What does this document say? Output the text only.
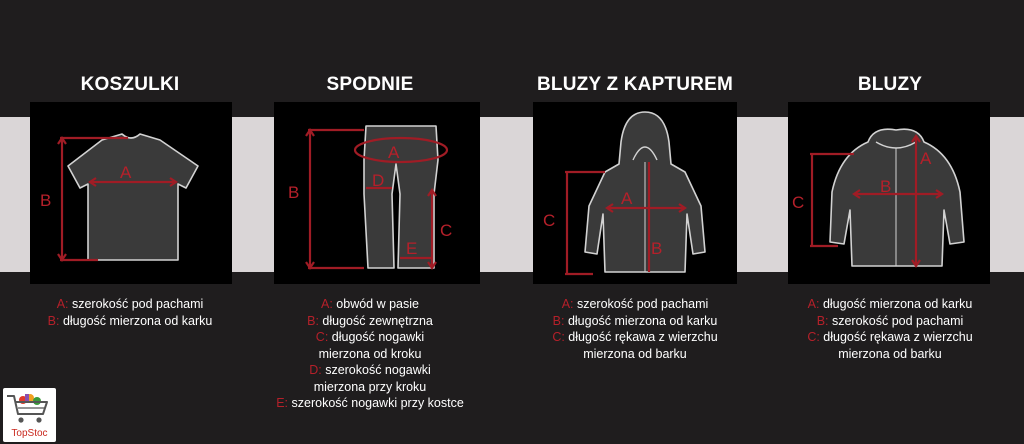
KOSZULKI
A
B
A: szerokość pod pachami
B: długość mierzona od karku
SPODNIE
A
B
C
D
E
A: obwód w pasie
B: długość zewnętrzna
C: długość nogawki
mierzona od kroku
D: szerokość nogawki
mierzona przy kroku
E: szerokość nogawki przy kostce
BLUZY Z KAPTUREM
A
B
C
A: szerokość pod pachami
B: długość mierzona od karku
C: długość rękawa z wierzchu
mierzona od barku
BLUZY
A
B
C
A: długość mierzona od karku
B: szerokość pod pachami
C: długość rękawa z wierzchu
mierzona od barku
TopStoc
